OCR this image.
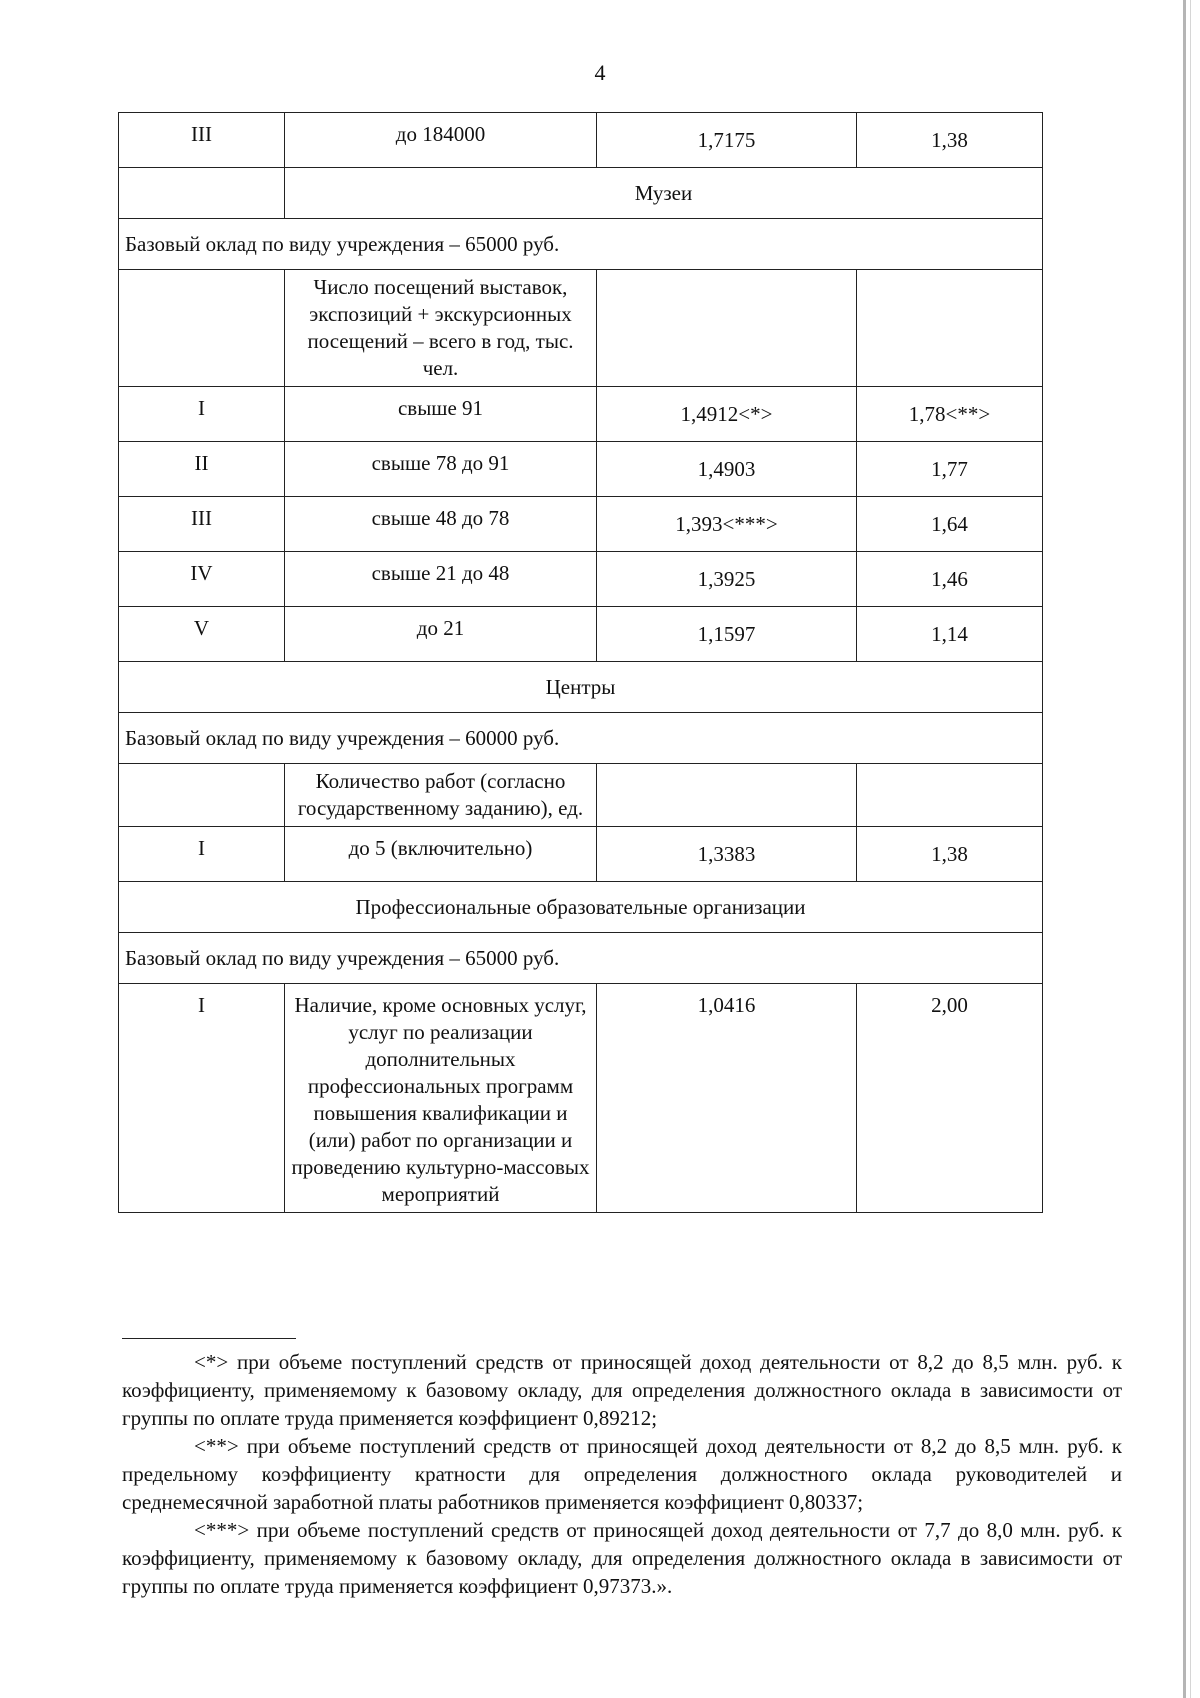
4
III	до 184000	1,7175	1,38
	Музеи		
Базовый оклад по виду учреждения – 65000 руб.			
	Число посещений выставок, экспозиций + экскурсионных посещений – всего в год, тыс. чел.		
I	свыше 91	1,4912<*>	1,78<**>
II	свыше 78 до 91	1,4903	1,77
III	свыше 48 до 78	1,393<***>	1,64
IV	свыше 21 до 48	1,3925	1,46
V	до 21	1,1597	1,14
Центры			
Базовый оклад по виду учреждения – 60000 руб.			
	Количество работ (согласно государственному заданию), ед.		
I	до 5 (включительно)	1,3383	1,38
Профессиональные образовательные организации			
Базовый оклад по виду учреждения – 65000 руб.			
I	Наличие, кроме основных услуг, услуг по реализации дополнительных профессиональных программ повышения квалификации и (или) работ по организации и проведению культурно-массовых мероприятий	1,0416	2,00

<*> при объеме поступлений средств от приносящей доход деятельности от 8,2 до 8,5 млн. руб. к коэффициенту, применяемому к базовому окладу, для определения должностного оклада в зависимости от группы по оплате труда применяется коэффициент 0,89212;

<**> при объеме поступлений средств от приносящей доход деятельности от 8,2 до 8,5 млн. руб. к предельному коэффициенту кратности для определения должностного оклада руководителей и среднемесячной заработной платы работников применяется коэффициент 0,80337;

<***> при объеме поступлений средств от приносящей доход деятельности от 7,7 до 8,0 млн. руб. к коэффициенту, применяемому к базовому окладу, для определения должностного оклада в зависимости от группы по оплате труда применяется коэффициент 0,97373.».
